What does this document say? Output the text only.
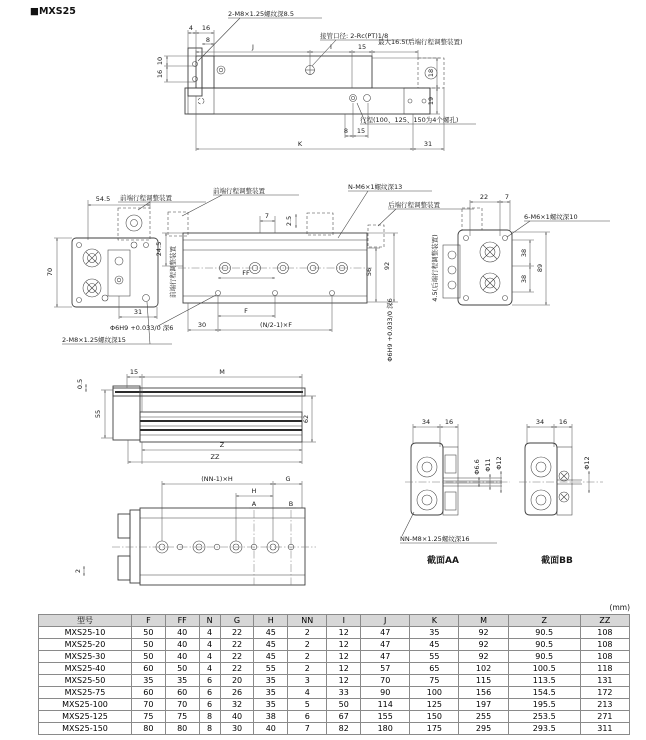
■MXS25
4 16
8
2-M8×1.25螺纹深8.5
接管口径: 2-Rc(PT)1/8
J	I	15
最大16.5(后端行程调整装置)
10
16	18
19
行程(100、125、150为4个螺孔)
8 15
K	31
54.5 前端行程调整装置
70
31
2-M8×1.25螺纹深15
前端行程调整装置	N-M6×1螺纹深13
后端行程调整装置
7 2.5
24.5 前端行程调整装置	FF
F
30	(N/2-1)×F
Φ6H9 +0.033/0 深6
56
92
Φ6H9 +0.033/0 深6
4.5(后端行程调整装置)
22	7
6-M6×1螺纹深10
38
38
89
0.5
15	M
55
62
Z
ZZ
(NN-1)×H	G
H
A	B
2
34 16
Φ6.6 Φ11 Φ12
NN-M8×1.25螺纹深16
截面AA
34 16
Φ12
截面BB
(mm)
型号	F	FF	N	G	H	NN	I	J	K	M	Z	ZZ
MXS25-10	50	40	4	22	45	2	12	47	35	92	90.5	108
MXS25-20	50	40	4	22	45	2	12	47	45	92	90.5	108
MXS25-30	50	40	4	22	45	2	12	47	55	92	90.5	108
MXS25-40	60	50	4	22	55	2	12	57	65	102	100.5	118
MXS25-50	35	35	6	20	35	3	12	70	75	115	113.5	131
MXS25-75	60	60	6	26	35	4	33	90	100	156	154.5	172
MXS25-100	70	70	6	32	35	5	50	114	125	197	195.5	213
MXS25-125	75	75	8	40	38	6	67	155	150	255	253.5	271
MXS25-150	80	80	8	30	40	7	82	180	175	295	293.5	311
